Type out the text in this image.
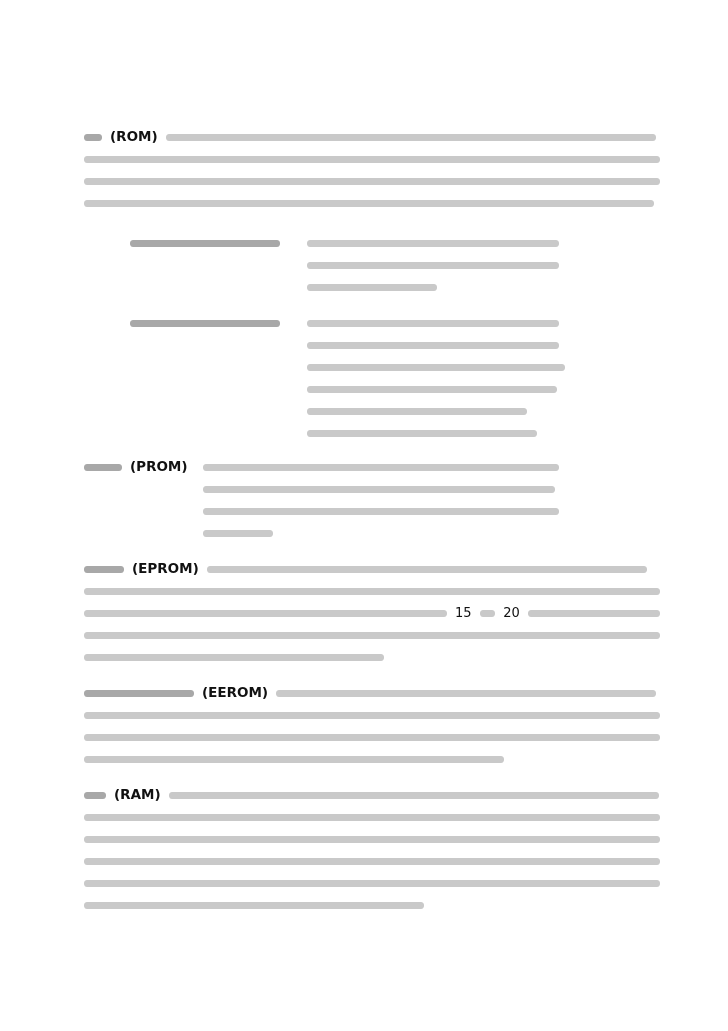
(ROM)
(PROM)
(EPROM)
15 20
(EEROM)
(RAM)
